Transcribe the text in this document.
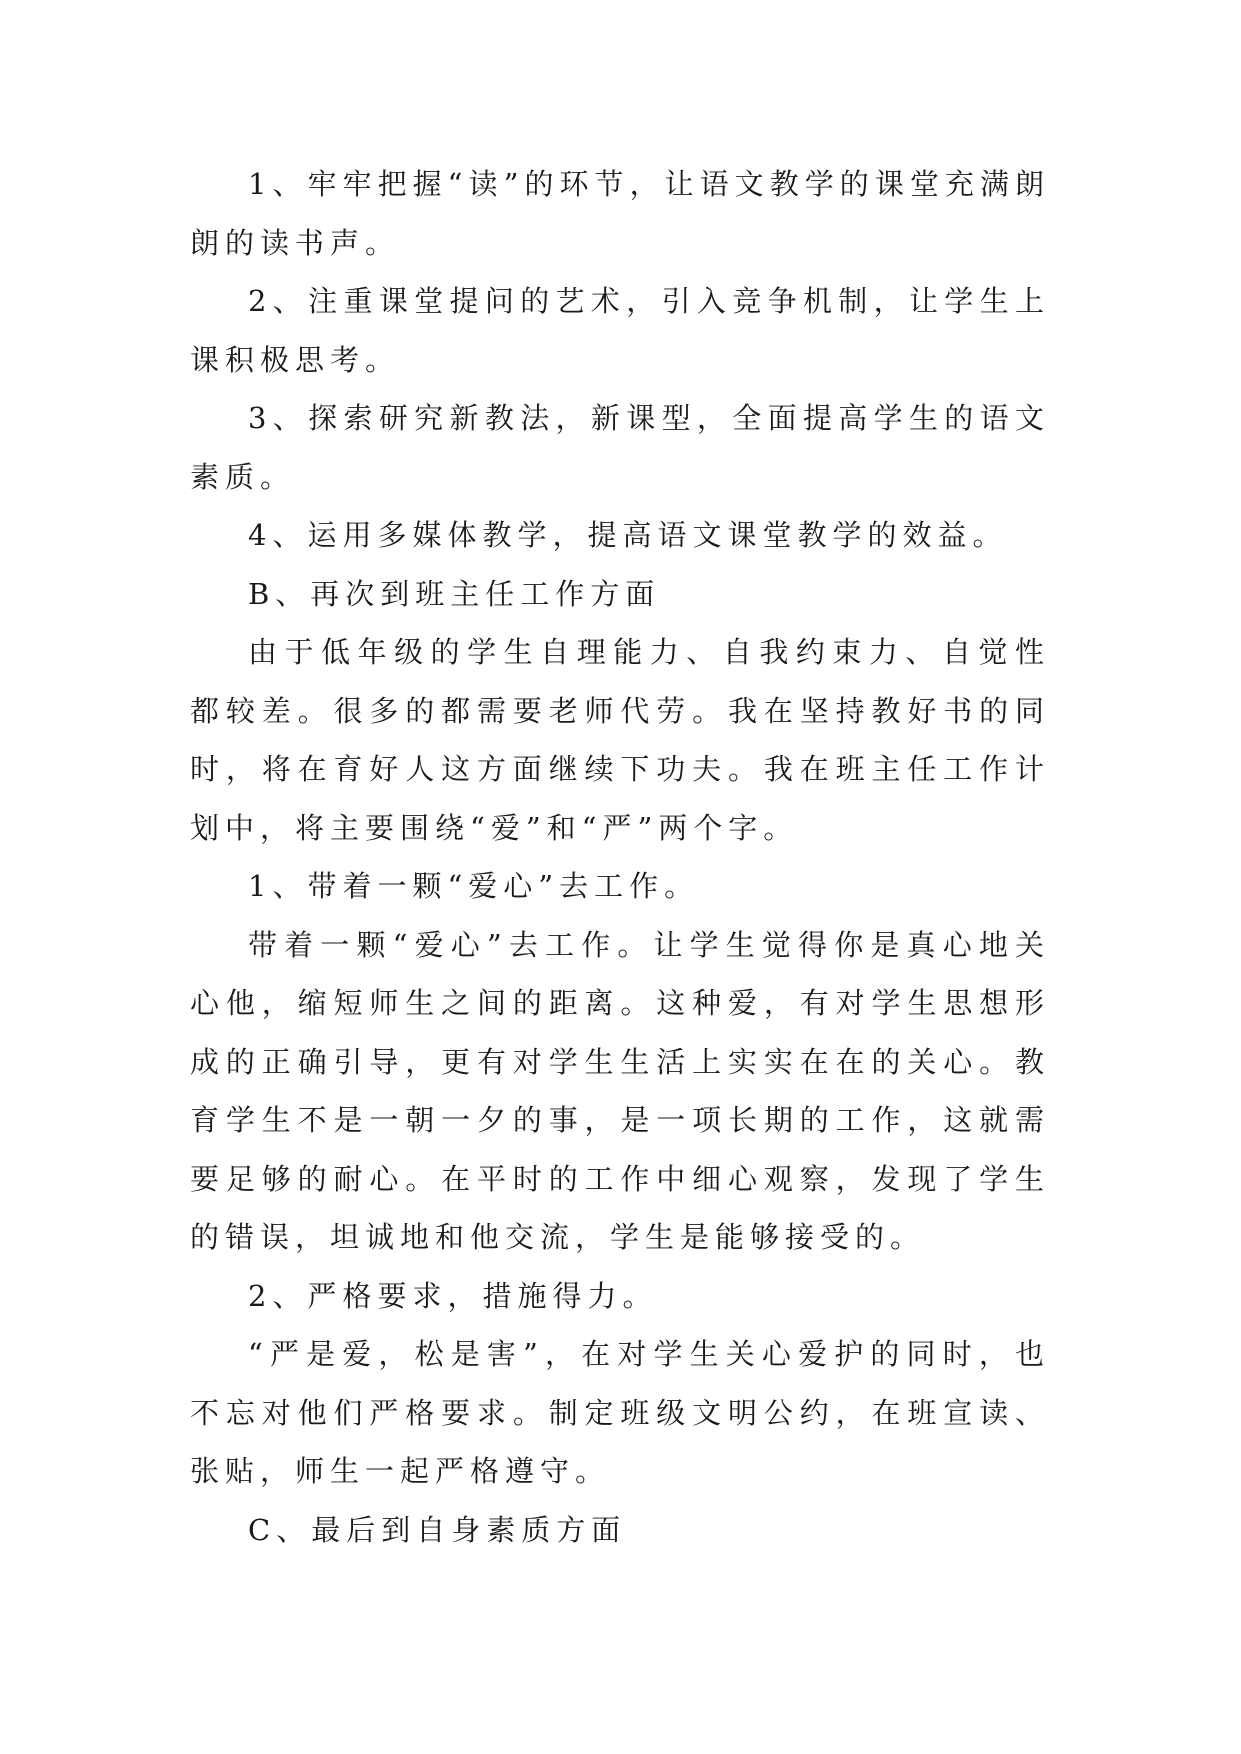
1、牢牢把握“读”的环节，让语文教学的课堂充满朗朗的读书声。

2、注重课堂提问的艺术，引入竞争机制，让学生上课积极思考。

3、探索研究新教法，新课型，全面提高学生的语文素质。

4、运用多媒体教学，提高语文课堂教学的效益。

B、再次到班主任工作方面

由于低年级的学生自理能力、自我约束力、自觉性都较差。很多的都需要老师代劳。我在坚持教好书的同时，将在育好人这方面继续下功夫。我在班主任工作计划中，将主要围绕“爱”和“严”两个字。

1、带着一颗“爱心”去工作。

带着一颗“爱心”去工作。让学生觉得你是真心地关心他，缩短师生之间的距离。这种爱，有对学生思想形成的正确引导，更有对学生生活上实实在在的关心。教育学生不是一朝一夕的事，是一项长期的工作，这就需要足够的耐心。在平时的工作中细心观察，发现了学生的错误，坦诚地和他交流，学生是能够接受的。

2、严格要求，措施得力。

“严是爱，松是害”，在对学生关心爱护的同时，也不忘对他们严格要求。制定班级文明公约，在班宣读、张贴，师生一起严格遵守。

C、最后到自身素质方面
